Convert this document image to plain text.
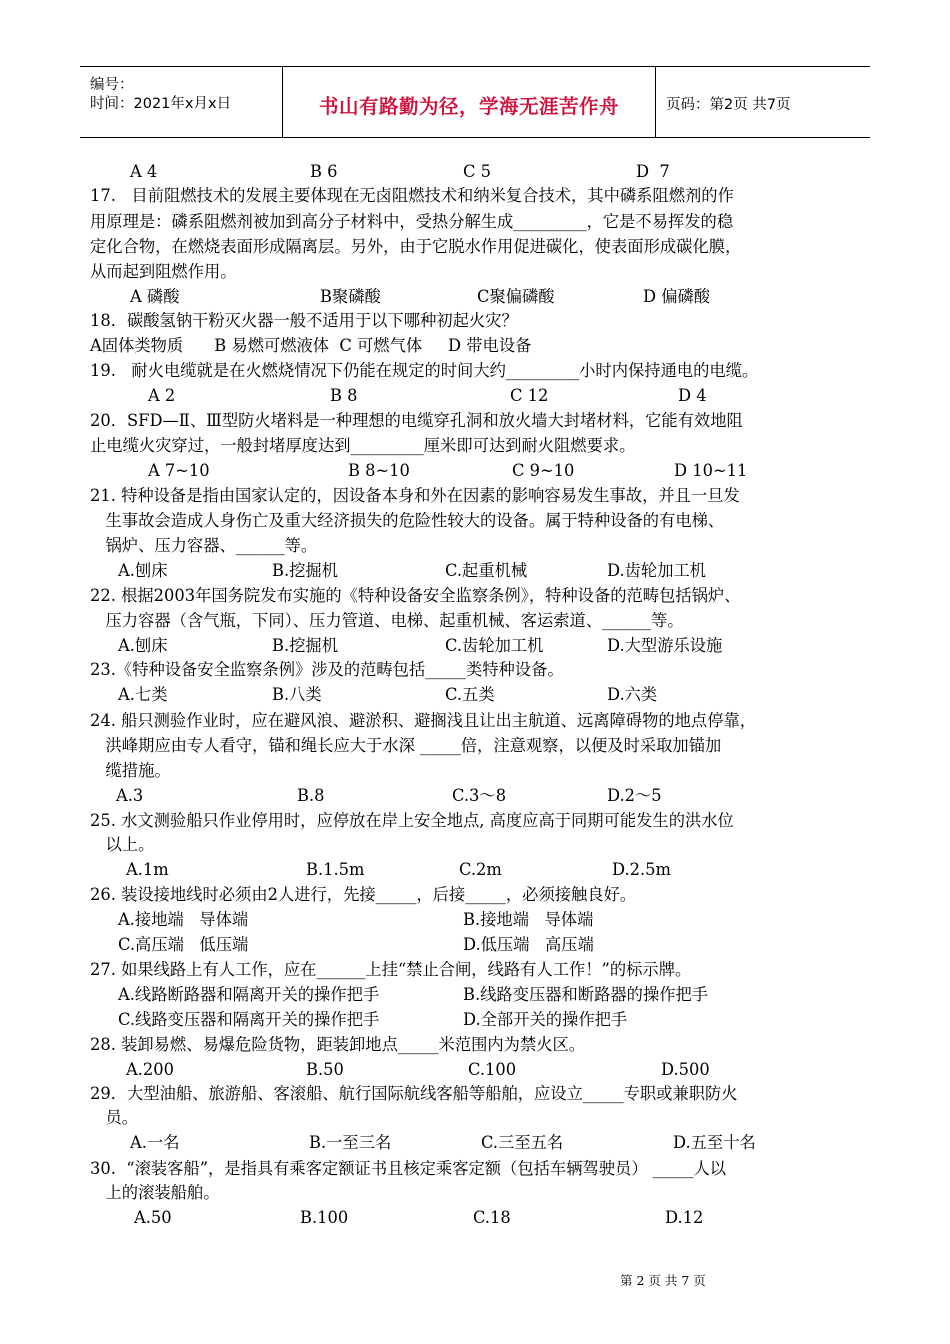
编号：
时间：2021年x月x日	书山有路勤为径，学海无涯苦作舟	页码：第2页 共7页
A 4	B 6	C 5	D  7
17.   目前阻燃技术的发展主要体现在无卤阻燃技术和纳米复合技术，其中磷系阻燃剂的作
用原理是：磷系阻燃剂被加到高分子材料中，受热分解生成_________，它是不易挥发的稳
定化合物，在燃烧表面形成隔离层。另外，由于它脱水作用促进碳化，使表面形成碳化膜，
从而起到阻燃作用。
A 磷酸	B聚磷酸	C聚偏磷酸	D 偏磷酸
18．碳酸氢钠干粉灭火器一般不适用于以下哪种初起火灾？
A固体类物质      B 易燃可燃液体  C 可燃气体     D 带电设备
19.   耐火电缆就是在火燃烧情况下仍能在规定的时间大约_________小时内保持通电的电缆。
A 2	B 8	C 12	D 4
20．SFD—Ⅱ、Ⅲ型防火堵料是一种理想的电缆穿孔洞和放火墙大封堵材料，它能有效地阻
止电缆火灾穿过，一般封堵厚度达到_________厘米即可达到耐火阻燃要求。
A 7~10	B 8~10	C 9~10	D 10~11
21. 特种设备是指由国家认定的，因设备本身和外在因素的影响容易发生事故，并且一旦发
生事故会造成人身伤亡及重大经济损失的危险性较大的设备。属于特种设备的有电梯、
锅炉、压力容器、______等。
A.刨床	B.挖掘机	C.起重机械	D.齿轮加工机
22. 根据2003年国务院发布实施的《特种设备安全监察条例》，特种设备的范畴包括锅炉、
压力容器（含气瓶，下同）、压力管道、电梯、起重机械、客运索道、______等。
A.刨床	B.挖掘机	C.齿轮加工机	D.大型游乐设施
23.《特种设备安全监察条例》涉及的范畴包括_____类特种设备。
A.七类	B.八类	C.五类	D.六类
24. 船只测验作业时，应在避风浪、避淤积、避搁浅且让出主航道、远离障碍物的地点停靠，
洪峰期应由专人看守，锚和绳长应大于水深 _____倍，注意观察，以便及时采取加锚加
缆措施。
A.3	B.8	C.3～8	D.2～5
25. 水文测验船只作业停用时，应停放在岸上安全地点, 高度应高于同期可能发生的洪水位
以上。
A.1m	B.1.5m	C.2m	D.2.5m
26. 装设接地线时必须由2人进行，先接_____，后接_____，必须接触良好。
A.接地端   导体端	B.接地端   导体端
C.高压端   低压端	D.低压端   高压端
27. 如果线路上有人工作，应在______上挂“禁止合闸，线路有人工作！”的标示牌。
A.线路断路器和隔离开关的操作把手	B.线路变压器和断路器的操作把手
C.线路变压器和隔离开关的操作把手	D.全部开关的操作把手
28. 装卸易燃、易爆危险货物，距装卸地点_____米范围内为禁火区。
A.200	B.50	C.100	D.500
29．大型油船、旅游船、客滚船、航行国际航线客船等船舶，应设立_____专职或兼职防火
员。
A.一名	B.一至三名	C.三至五名	D.五至十名
30.  “滚装客船”，是指具有乘客定额证书且核定乘客定额（包括车辆驾驶员） _____人以
上的滚装船舶。
A.50	B.100	C.18	D.12
第 2 页 共 7 页
